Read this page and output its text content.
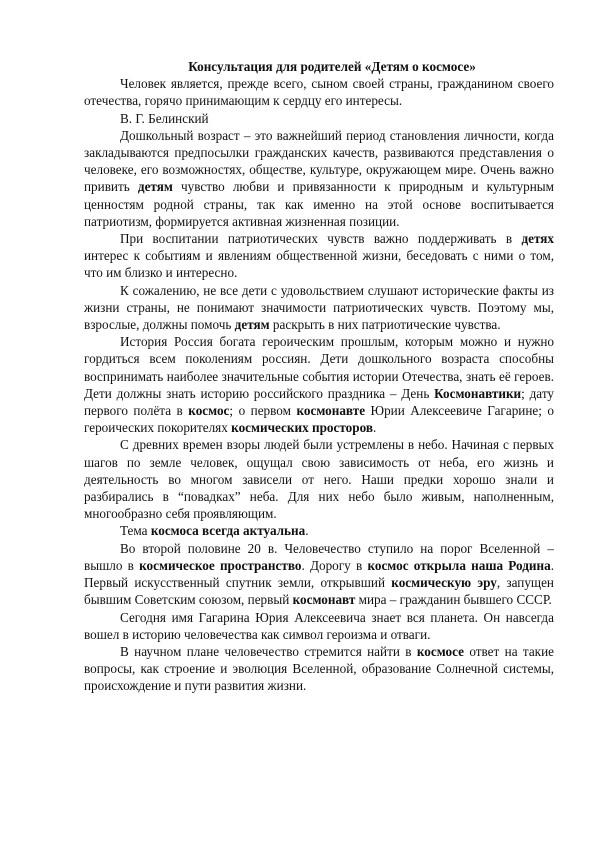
Консультация для родителей «Детям о космосе»

Человек является, прежде всего, сыном своей страны, гражданином своего отечества, горячо принимающим к сердцу его интересы.

В. Г. Белинский

Дошкольный возраст – это важнейший период становления личности, когда закладываются предпосылки гражданских качеств, развиваются представления о человеке, его возможностях, обществе, культуре, окружающем мире. Очень важно привить детям чувство любви и привязанности к природным и культурным ценностям родной страны, так как именно на этой основе воспитывается патриотизм, формируется активная жизненная позиции.

При воспитании патриотических чувств важно поддерживать в детях интерес к событиям и явлениям общественной жизни, беседовать с ними о том, что им близко и интересно.

К сожалению, не все дети с удовольствием слушают исторические факты из жизни страны, не понимают значимости патриотических чувств. Поэтому мы, взрослые, должны помочь детям раскрыть в них патриотические чувства.

История Россия богата героическим прошлым, которым можно и нужно гордиться всем поколениям россиян. Дети дошкольного возраста способны воспринимать наиболее значительные события истории Отечества, знать её героев. Дети должны знать историю российского праздника – День Космонавтики; дату первого полёта в космос; о первом космонавте Юрии Алексеевиче Гагарине; о героических покорителях космических просторов.

С древних времен взоры людей были устремлены в небо. Начиная с первых шагов по земле человек, ощущал свою зависимость от неба, его жизнь и деятельность во многом зависели от него. Наши предки хорошо знали и разбирались в “повадках” неба. Для них небо было живым, наполненным, многообразно себя проявляющим.

Тема космоса всегда актуальна.

Во второй половине 20 в. Человечество ступило на порог Вселенной – вышло в космическое пространство. Дорогу в космос открыла наша Родина. Первый искусственный спутник земли, открывший космическую эру, запущен бывшим Советским союзом, первый космонавт мира – гражданин бывшего СССР.

Сегодня имя Гагарина Юрия Алексеевича знает вся планета. Он навсегда вошел в историю человечества как символ героизма и отваги.

В научном плане человечество стремится найти в космосе ответ на такие вопросы, как строение и эволюция Вселенной, образование Солнечной системы, происхождение и пути развития жизни.
